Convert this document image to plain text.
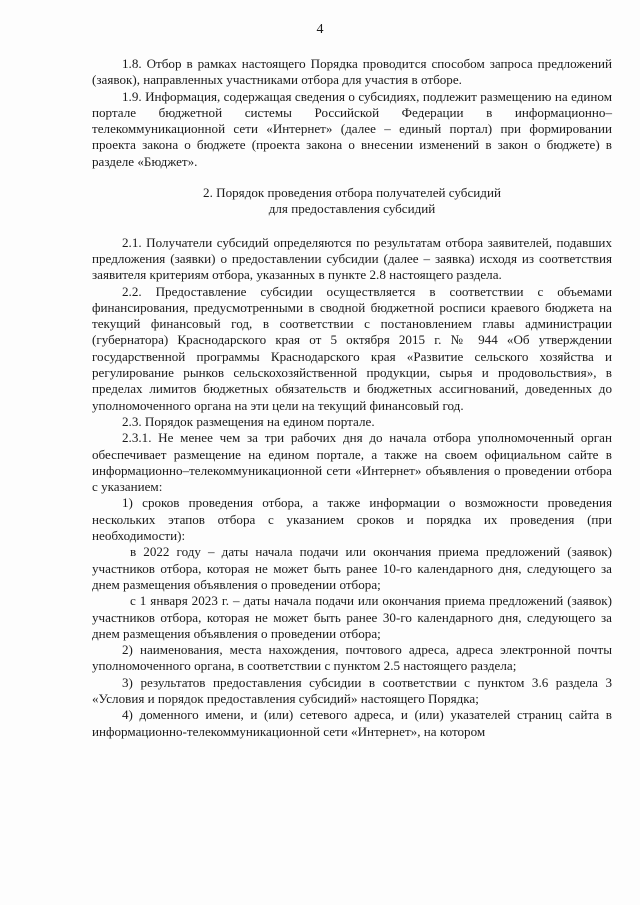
4

1.8. Отбор в рамках настоящего Порядка проводится способом запроса предложений (заявок), направленных участниками отбора для участия в отборе.

1.9. Информация, содержащая сведения о субсидиях, подлежит размещению на едином портале бюджетной системы Российской Федерации в информационно–телекоммуникационной сети «Интернет» (далее – единый портал) при формировании проекта закона о бюджете (проекта закона о внесении изменений в закон о бюджете) в разделе «Бюджет».

2. Порядок проведения отбора получателей субсидий
для предоставления субсидий

2.1. Получатели субсидий определяются по результатам отбора заявителей, подавших предложения (заявки) о предоставлении субсидии (далее – заявка) исходя из соответствия заявителя критериям отбора, указанных в пункте 2.8 настоящего раздела.

2.2. Предоставление субсидии осуществляется в соответствии с объемами финансирования, предусмотренными в сводной бюджетной росписи краевого бюджета на текущий финансовый год, в соответствии с постановлением главы администрации (губернатора) Краснодарского края от 5 октября 2015 г. № 944 «Об утверждении государственной программы Краснодарского края «Развитие сельского хозяйства и регулирование рынков сельскохозяйственной продукции, сырья и продовольствия», в пределах лимитов бюджетных обязательств и бюджетных ассигнований, доведенных до уполномоченного органа на эти цели на текущий финансовый год.

2.3. Порядок размещения на едином портале.

2.3.1. Не менее чем за три рабочих дня до начала отбора уполномоченный орган обеспечивает размещение на едином портале, а также на своем официальном сайте в информационно–телекоммуникационной сети «Интернет» объявления о проведении отбора с указанием:

1) сроков проведения отбора, а также информации о возможности проведения нескольких этапов отбора с указанием сроков и порядка их проведения (при необходимости):

в 2022 году – даты начала подачи или окончания приема предложений (заявок) участников отбора, которая не может быть ранее 10-го календарного дня, следующего за днем размещения объявления о проведении отбора;

с 1 января 2023 г. – даты начала подачи или окончания приема предложений (заявок) участников отбора, которая не может быть ранее 30-го календарного дня, следующего за днем размещения объявления о проведении отбора;

2) наименования, места нахождения, почтового адреса, адреса электронной почты уполномоченного органа, в соответствии с пунктом 2.5 настоящего раздела;

3) результатов предоставления субсидии в соответствии с пунктом 3.6 раздела 3 «Условия и порядок предоставления субсидий» настоящего Порядка;

4) доменного имени, и (или) сетевого адреса, и (или) указателей страниц сайта в информационно-телекоммуникационной сети «Интернет», на котором
